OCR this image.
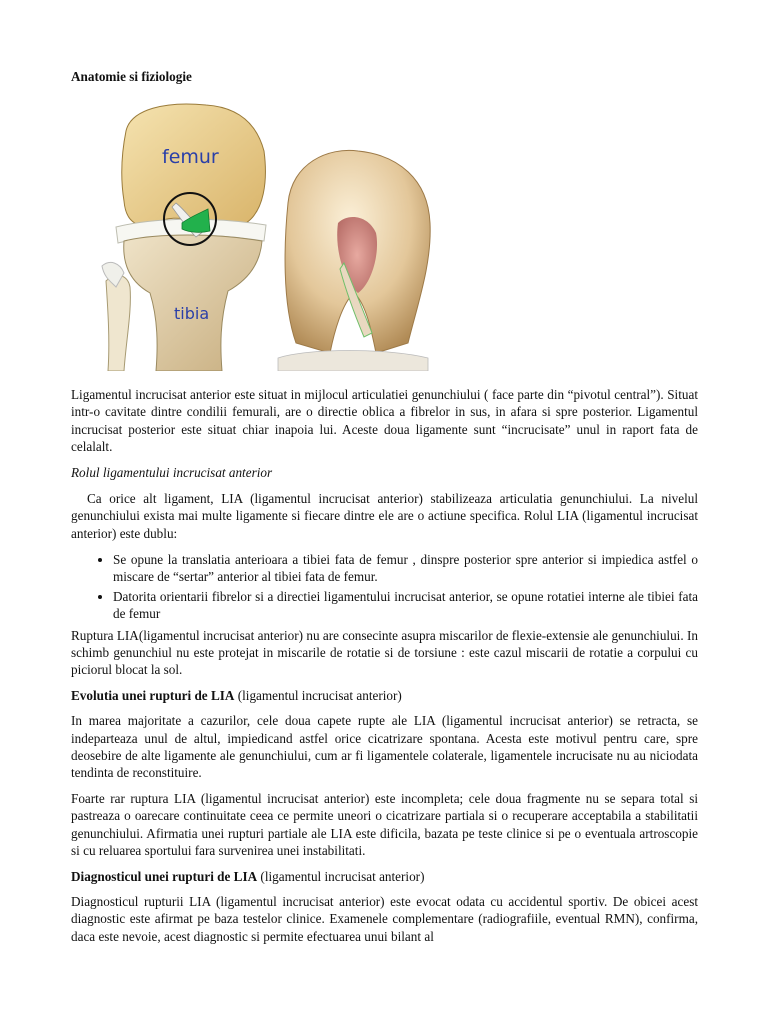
Anatomie si fiziologie
femur
tibia

Ligamentul incrucisat anterior este situat in mijlocul articulatiei genunchiului ( face parte din “pivotul central”). Situat intr-o cavitate dintre condilii femurali, are o directie oblica a fibrelor in sus, in afara si spre posterior. Ligamentul incrucisat posterior este situat chiar inapoia lui. Aceste doua ligamente sunt “incrucisate” unul in raport fata de celalalt.

Rolul ligamentului incrucisat anterior

Ca orice alt ligament, LIA (ligamentul incrucisat anterior) stabilizeaza articulatia genunchiului. La nivelul genunchiului exista mai multe ligamente si fiecare dintre ele are o actiune specifica. Rolul LIA (ligamentul incrucisat anterior) este dublu:

• Se opune la translatia anterioara a tibiei fata de femur , dinspre posterior spre anterior si impiedica astfel o miscare de “sertar” anterior al tibiei fata de femur.
• Datorita orientarii fibrelor si a directiei ligamentului incrucisat anterior, se opune rotatiei interne ale tibiei fata de femur

Ruptura LIA(ligamentul incrucisat anterior) nu are consecinte asupra miscarilor de flexie-extensie ale genunchiului. In schimb genunchiul nu este protejat in miscarile de rotatie si de torsiune : este cazul miscarii de rotatie a corpului cu piciorul blocat la sol.

Evolutia unei rupturi de LIA (ligamentul incrucisat anterior)

In marea majoritate a cazurilor, cele doua capete rupte ale LIA (ligamentul incrucisat anterior) se retracta, se indeparteaza unul de altul, impiedicand astfel orice cicatrizare spontana. Acesta este motivul pentru care, spre deosebire de alte ligamente ale genunchiului, cum ar fi ligamentele colaterale, ligamentele incrucisate nu au niciodata tendinta de reconstituire.

Foarte rar ruptura LIA (ligamentul incrucisat anterior) este incompleta; cele doua fragmente nu se separa total si pastreaza o oarecare continuitate ceea ce permite uneori o cicatrizare partiala si o recuperare acceptabila a stabilitatii genunchiului. Afirmatia unei rupturi partiale ale LIA este dificila, bazata pe teste clinice si pe o eventuala artroscopie si cu reluarea sportului fara survenirea unei instabilitati.

Diagnosticul unei rupturi de LIA (ligamentul incrucisat anterior)

Diagnosticul rupturii LIA (ligamentul incrucisat anterior) este evocat odata cu accidentul sportiv. De obicei acest diagnostic este afirmat pe baza testelor clinice. Examenele complementare (radiografiile, eventual RMN), confirma, daca este nevoie, acest diagnostic si permite efectuarea unui bilant al
